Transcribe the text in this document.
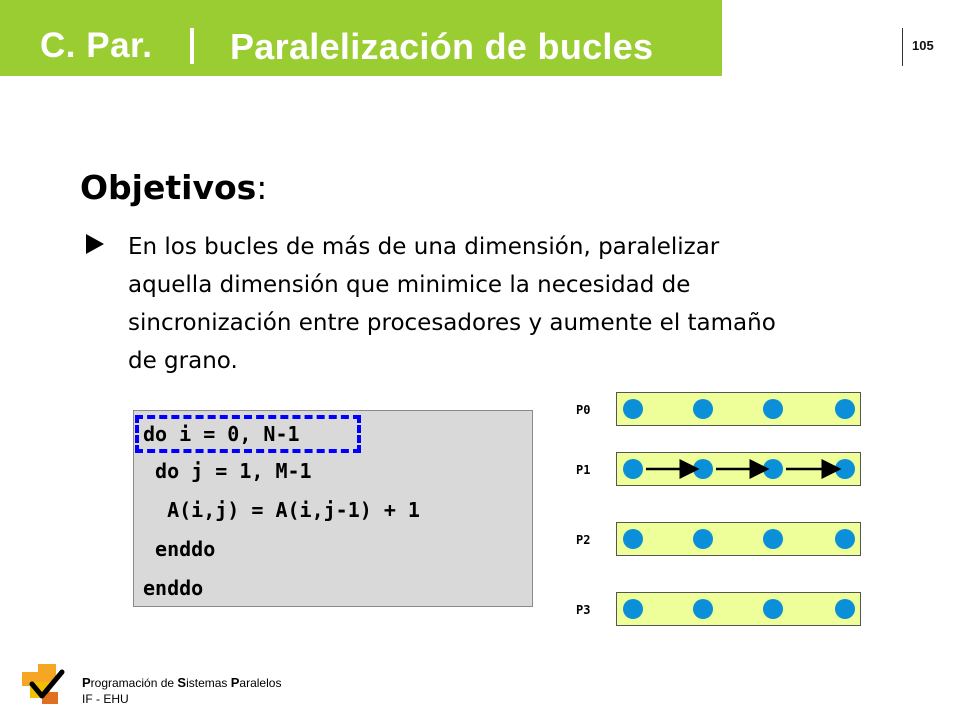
C. Par. Paralelización de bucles	105
Objetivos:
En los bucles de más de una dimensión, paralelizar
aquella dimensión que minimice la necesidad de
sincronización entre procesadores y aumente el tamaño
de grano.
do i = 0, N-1
do j = 1, M-1
A(i,j) = A(i,j-1) + 1
enddo
enddo
P0
P1
P2
P3
Programación de Sistemas Paralelos
IF - EHU
